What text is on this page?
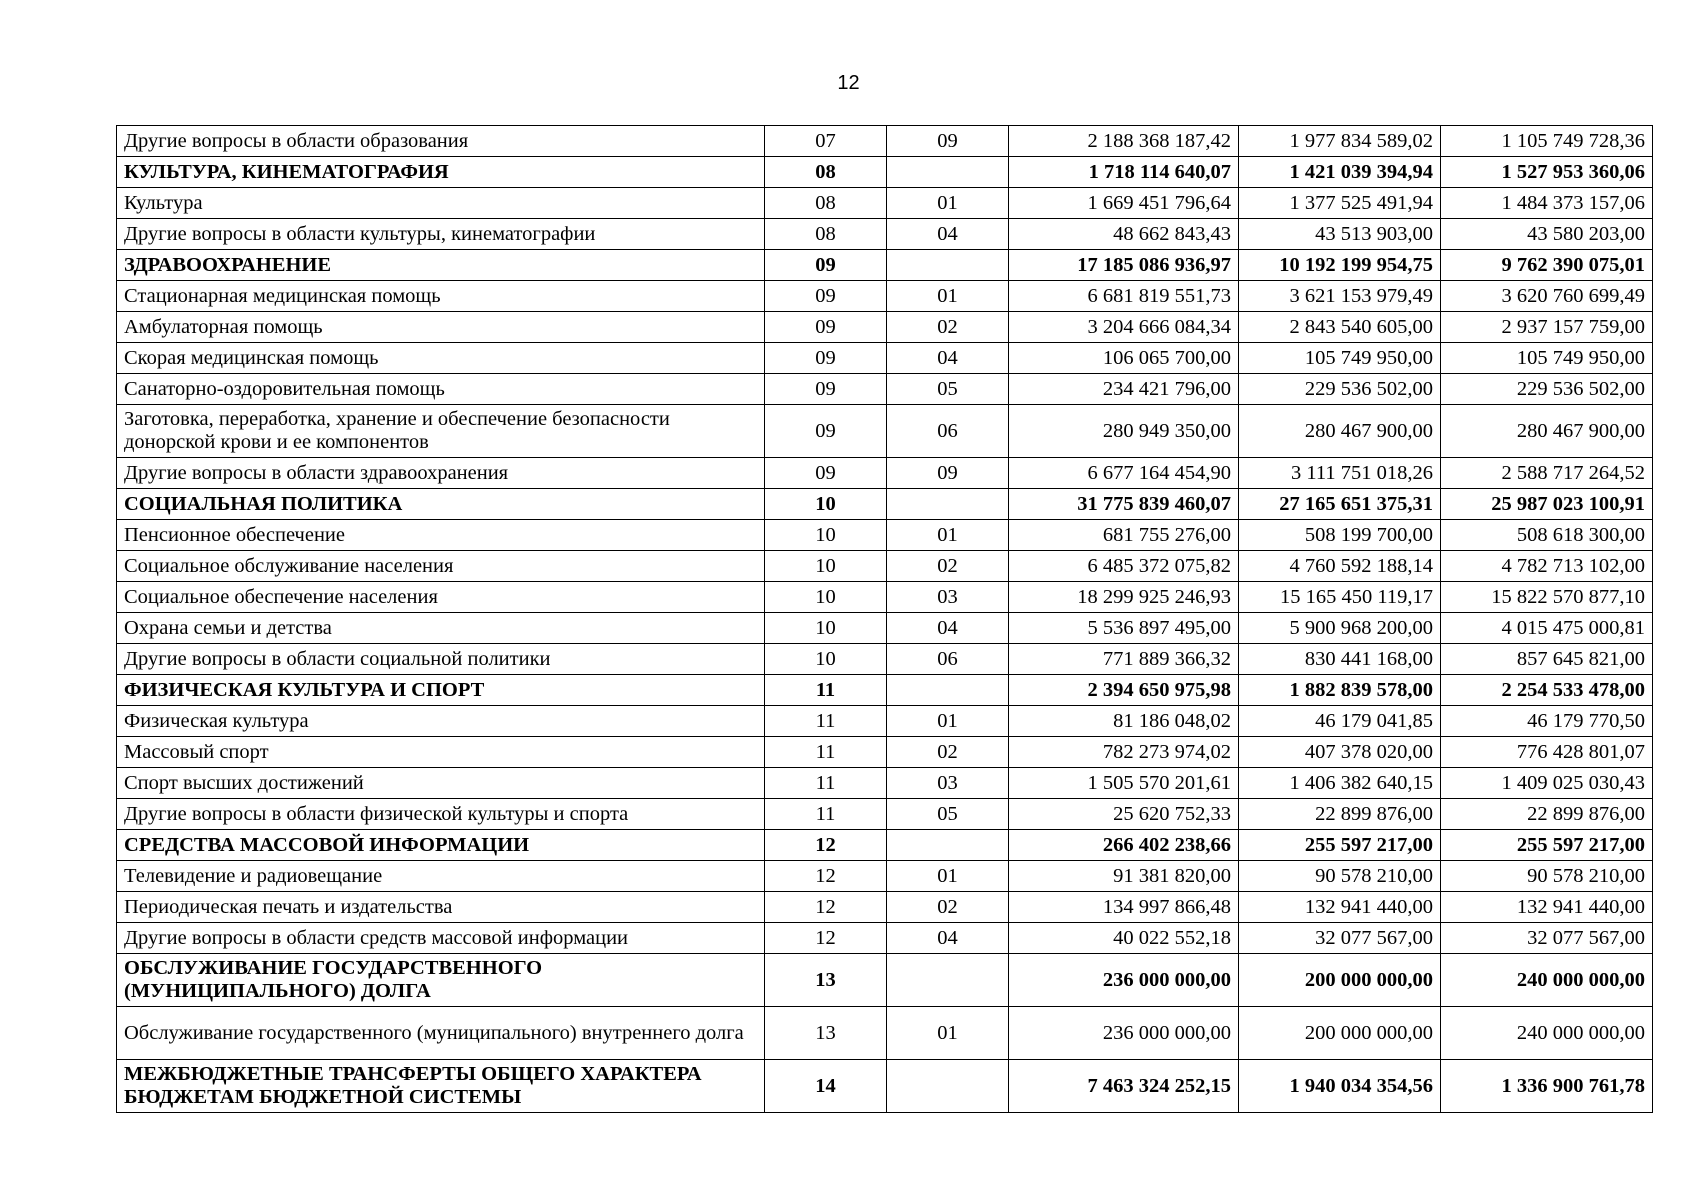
12
Другие вопросы в области образования	07	09	2 188 368 187,42	1 977 834 589,02	1 105 749 728,36
КУЛЬТУРА, КИНЕМАТОГРАФИЯ	08		1 718 114 640,07	1 421 039 394,94	1 527 953 360,06
Культура	08	01	1 669 451 796,64	1 377 525 491,94	1 484 373 157,06
Другие вопросы в области культуры, кинематографии	08	04	48 662 843,43	43 513 903,00	43 580 203,00
ЗДРАВООХРАНЕНИЕ	09		17 185 086 936,97	10 192 199 954,75	9 762 390 075,01
Стационарная медицинская помощь	09	01	6 681 819 551,73	3 621 153 979,49	3 620 760 699,49
Амбулаторная помощь	09	02	3 204 666 084,34	2 843 540 605,00	2 937 157 759,00
Скорая медицинская помощь	09	04	106 065 700,00	105 749 950,00	105 749 950,00
Санаторно-оздоровительная помощь	09	05	234 421 796,00	229 536 502,00	229 536 502,00
Заготовка, переработка, хранение и обеспечение безопасности донорской крови и ее компонентов	09	06	280 949 350,00	280 467 900,00	280 467 900,00
Другие вопросы в области здравоохранения	09	09	6 677 164 454,90	3 111 751 018,26	2 588 717 264,52
СОЦИАЛЬНАЯ ПОЛИТИКА	10		31 775 839 460,07	27 165 651 375,31	25 987 023 100,91
Пенсионное обеспечение	10	01	681 755 276,00	508 199 700,00	508 618 300,00
Социальное обслуживание населения	10	02	6 485 372 075,82	4 760 592 188,14	4 782 713 102,00
Социальное обеспечение населения	10	03	18 299 925 246,93	15 165 450 119,17	15 822 570 877,10
Охрана семьи и детства	10	04	5 536 897 495,00	5 900 968 200,00	4 015 475 000,81
Другие вопросы в области социальной политики	10	06	771 889 366,32	830 441 168,00	857 645 821,00
ФИЗИЧЕСКАЯ КУЛЬТУРА И СПОРТ	11		2 394 650 975,98	1 882 839 578,00	2 254 533 478,00
Физическая культура	11	01	81 186 048,02	46 179 041,85	46 179 770,50
Массовый спорт	11	02	782 273 974,02	407 378 020,00	776 428 801,07
Спорт высших достижений	11	03	1 505 570 201,61	1 406 382 640,15	1 409 025 030,43
Другие вопросы в области физической культуры и спорта	11	05	25 620 752,33	22 899 876,00	22 899 876,00
СРЕДСТВА МАССОВОЙ ИНФОРМАЦИИ	12		266 402 238,66	255 597 217,00	255 597 217,00
Телевидение и радиовещание	12	01	91 381 820,00	90 578 210,00	90 578 210,00
Периодическая печать и издательства	12	02	134 997 866,48	132 941 440,00	132 941 440,00
Другие вопросы в области средств массовой информации	12	04	40 022 552,18	32 077 567,00	32 077 567,00
ОБСЛУЖИВАНИЕ ГОСУДАРСТВЕННОГО (МУНИЦИПАЛЬНОГО) ДОЛГА	13		236 000 000,00	200 000 000,00	240 000 000,00
Обслуживание государственного (муниципального) внутреннего долга	13	01	236 000 000,00	200 000 000,00	240 000 000,00
МЕЖБЮДЖЕТНЫЕ ТРАНСФЕРТЫ ОБЩЕГО ХАРАКТЕРА БЮДЖЕТАМ БЮДЖЕТНОЙ СИСТЕМЫ	14		7 463 324 252,15	1 940 034 354,56	1 336 900 761,78
